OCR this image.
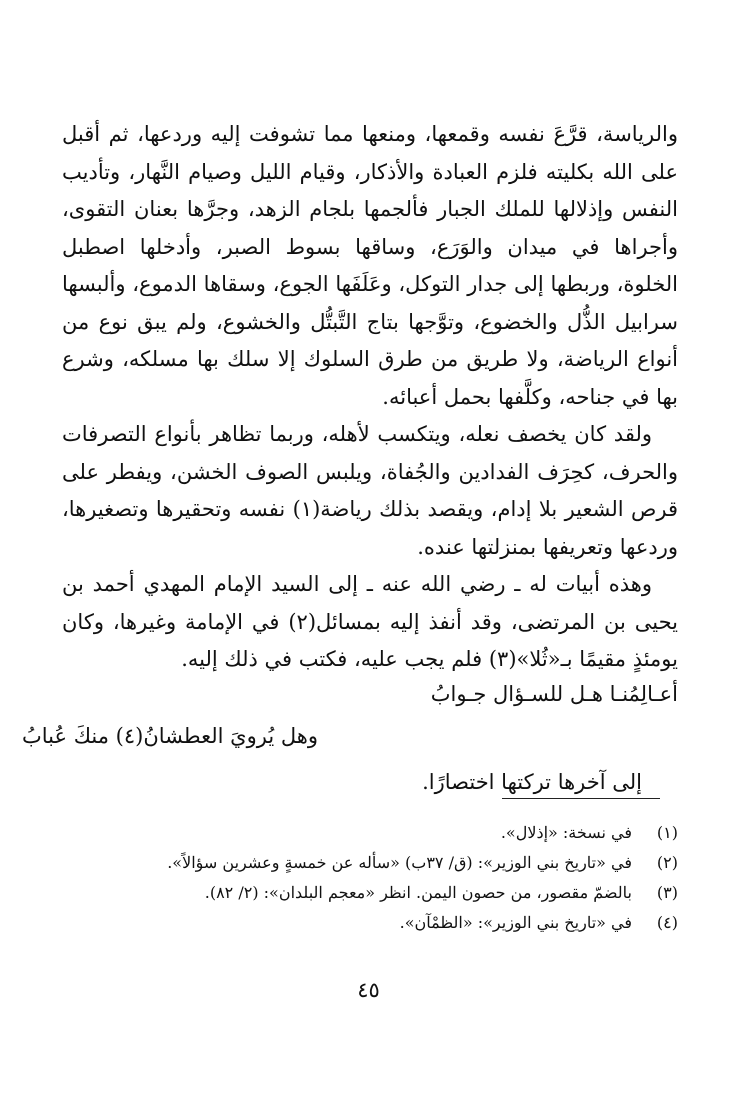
والرياسة، قرَّعَ نفسه وقمعها، ومنعها مما تشوفت إليه وردعها، ثم أقبل على الله بكليته فلزم العبادة والأذكار، وقيام الليل وصيام النَّهار، وتأديب النفس وإذلالها للملك الجبار فألجمها بلجام الزهد، وجرَّها بعنان التقوى، وأجراها في ميدان والوَرَع، وساقها بسوط الصبر، وأدخلها اصطبل الخلوة، وربطها إلى جدار التوكل، وعَلَفَها الجوع، وسقاها الدموع، وألبسها سرابيل الذُّل والخضوع، وتوَّجها بتاج التَّبتُّل والخشوع، ولم يبق نوع من أنواع الرياضة، ولا طريق من طرق السلوك إلا سلك بها مسلكه، وشرع بها في جناحه، وكلَّفها بحمل أعبائه.

ولقد كان يخصف نعله، ويتكسب لأهله، وربما تظاهر بأنواع التصرفات والحرف، كحِرَف الفدادين والجُفاة، ويلبس الصوف الخشن، ويفطر على قرص الشعير بلا إدام، ويقصد بذلك رياضة(١) نفسه وتحقيرها وتصغيرها، وردعها وتعريفها بمنزلتها عنده.

وهذه أبيات له ـ رضي الله عنه ـ إلى السيد الإمام المهدي أحمد بن يحيى بن المرتضى، وقد أنفذ إليه بمسائل(٢) في الإمامة وغيرها، وكان يومئذٍ مقيمًا بـ«ثُلا»(٣) فلم يجب عليه، فكتب في ذلك إليه.

أعـالِمُنـا هـل للسـؤال جـوابُ
وهل يُرويَ العطشانُ(٤) منكَ عُبابُ
إلى آخرها تركتها اختصارًا.
(١)
في نسخة: «إذلال».
(٢)
في «تاريخ بني الوزير»: (ق/ ٣٧ب) «سأله عن خمسةٍ وعشرين سؤالاً».
(٣)
بالضمّ مقصور، من حصون اليمن. انظر «معجم البلدان»: (٢/ ٨٢).
(٤)
في «تاريخ بني الوزير»: «الظمْآن».
٤٥
